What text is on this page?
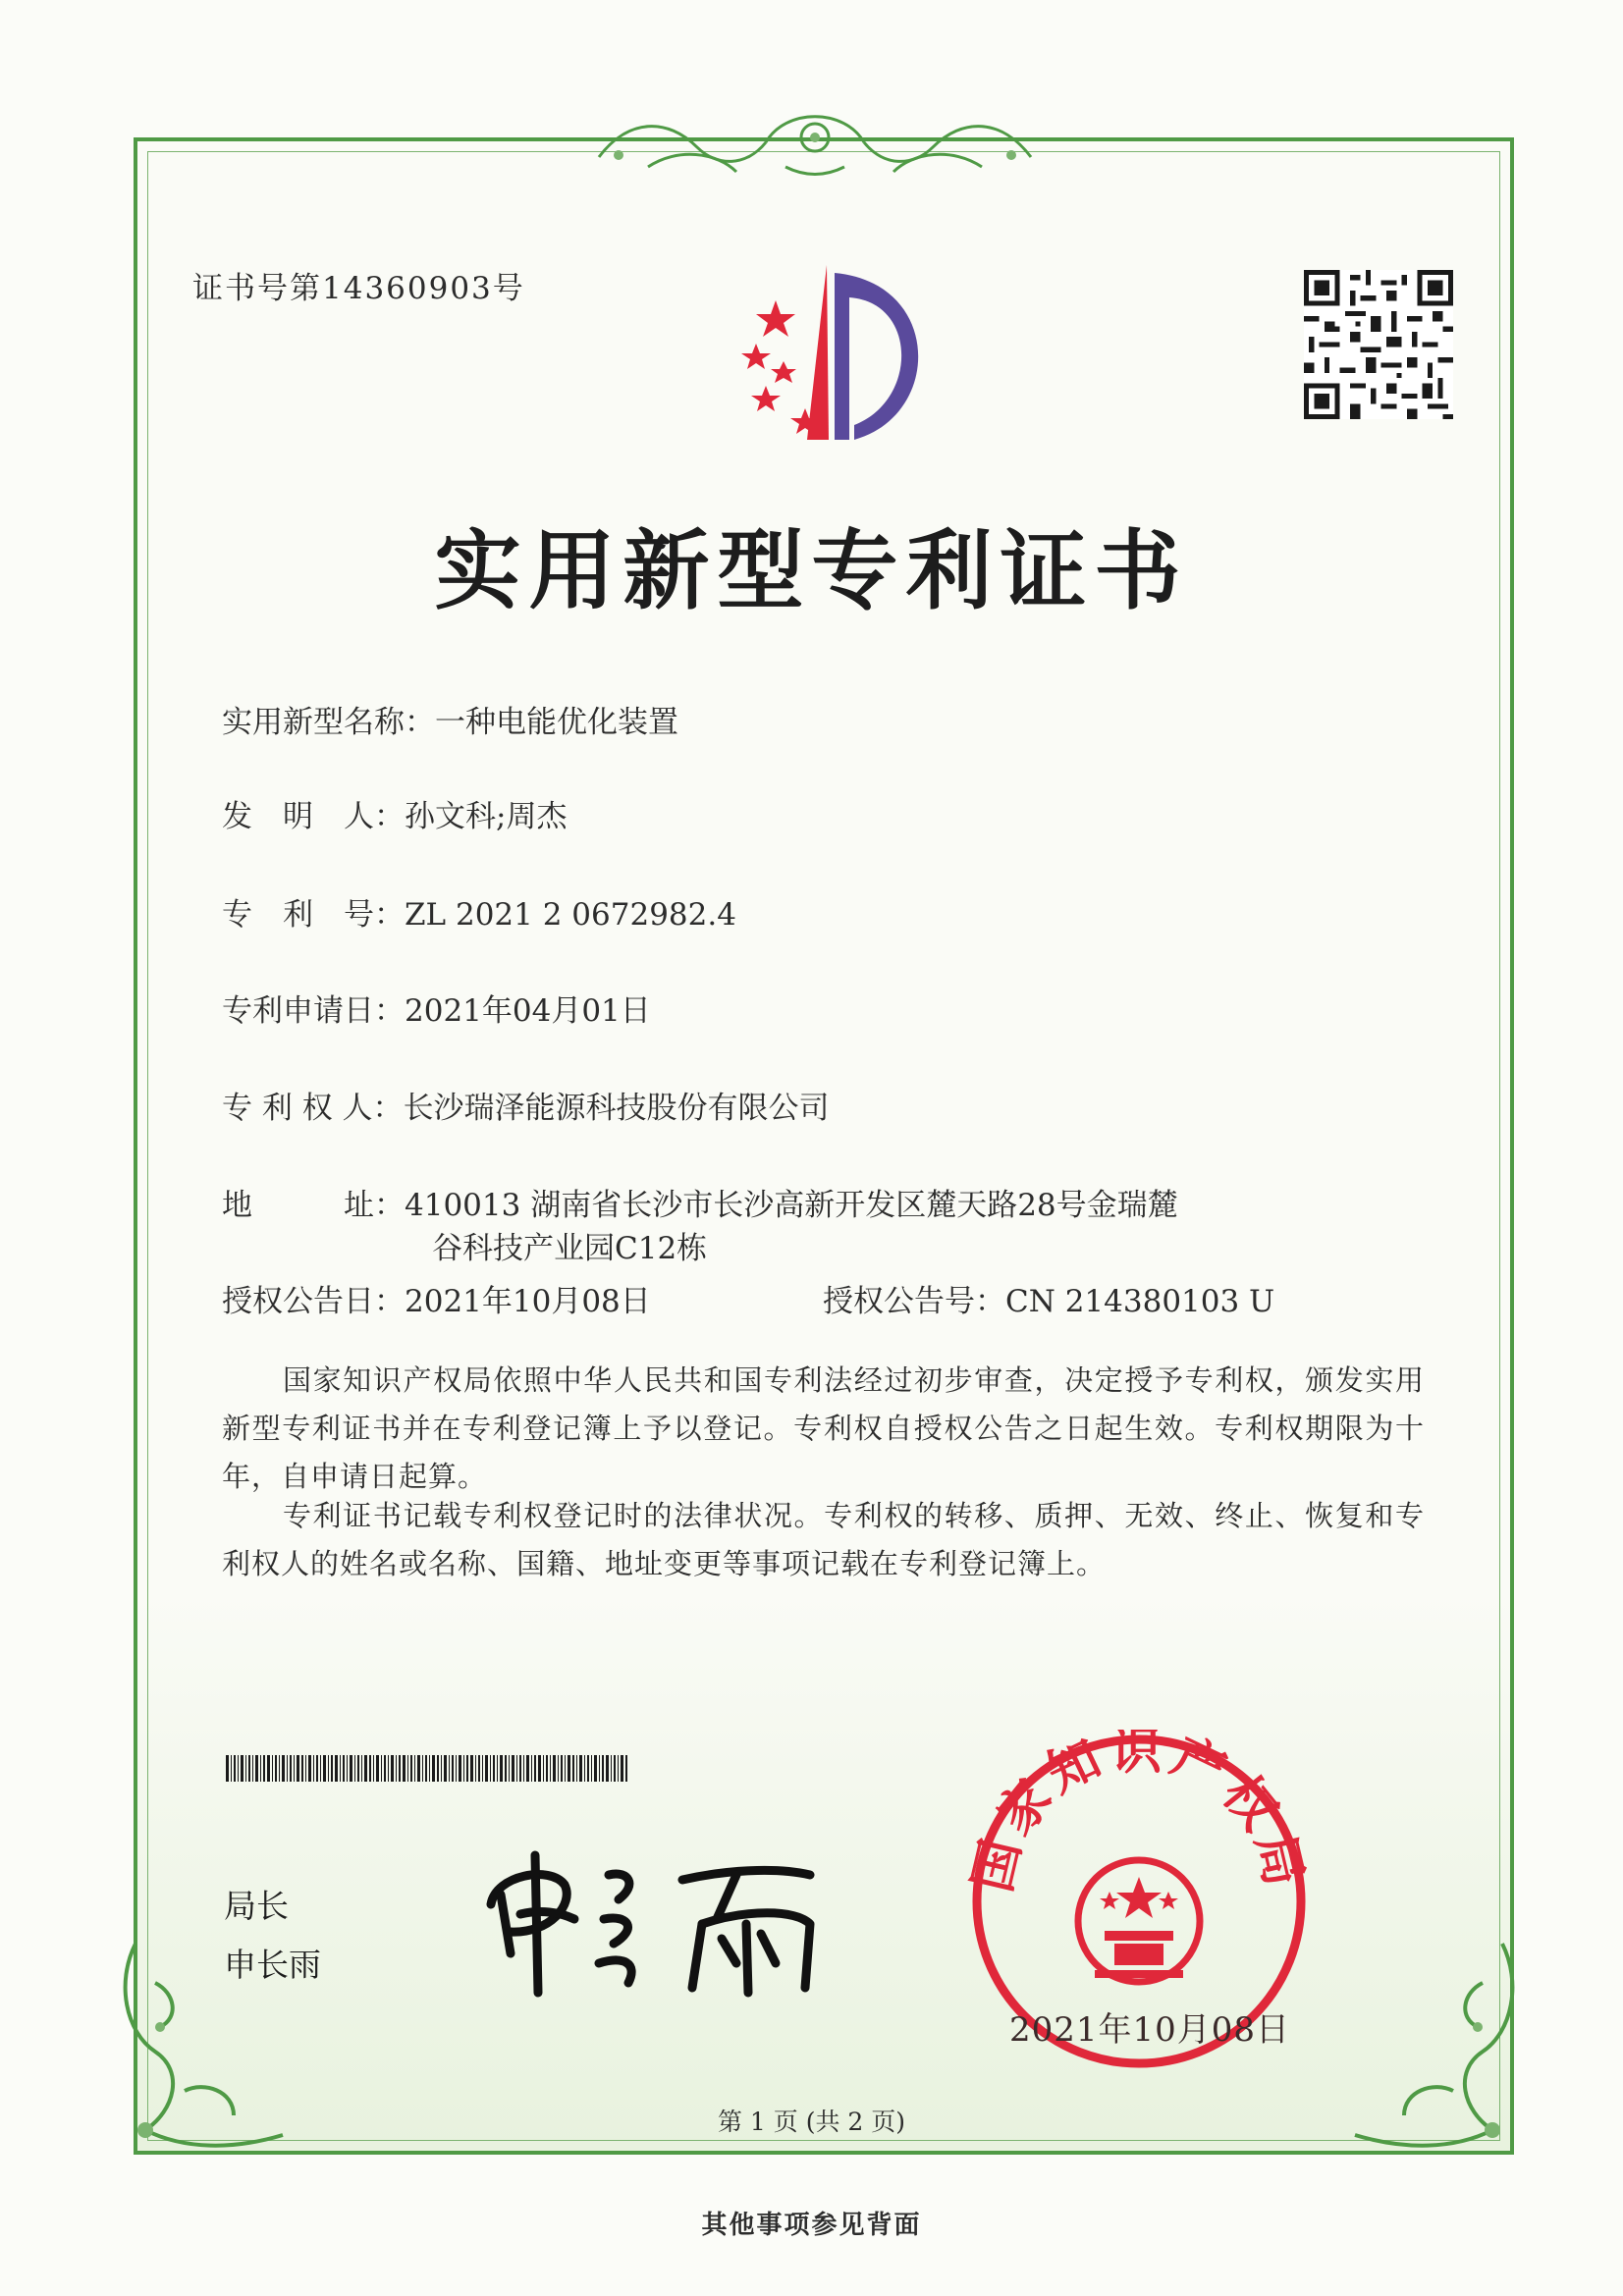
证书号第14360903号
实用新型专利证书
实用新型名称：一种电能优化装置
发　明　人：孙文科;周杰
专　利　号：ZL 2021 2 0672982.4
专利申请日：2021年04月01日
专 利 权 人：长沙瑞泽能源科技股份有限公司
地　　　址：410013 湖南省长沙市长沙高新开发区麓天路28号金瑞麓
谷科技产业园C12栋
授权公告日：2021年10月08日	授权公告号：CN 214380103 U
国家知识产权局依照中华人民共和国专利法经过初步审查，决定授予专利权，颁发实用新型专利证书并在专利登记簿上予以登记。专利权自授权公告之日起生效。专利权期限为十年，自申请日起算。
专利证书记载专利权登记时的法律状况。专利权的转移、质押、无效、终止、恢复和专利权人的姓名或名称、国籍、地址变更等事项记载在专利登记簿上。
局长
申长雨
国家知识产权局
2021年10月08日
第 1 页 (共 2 页)
其他事项参见背面
